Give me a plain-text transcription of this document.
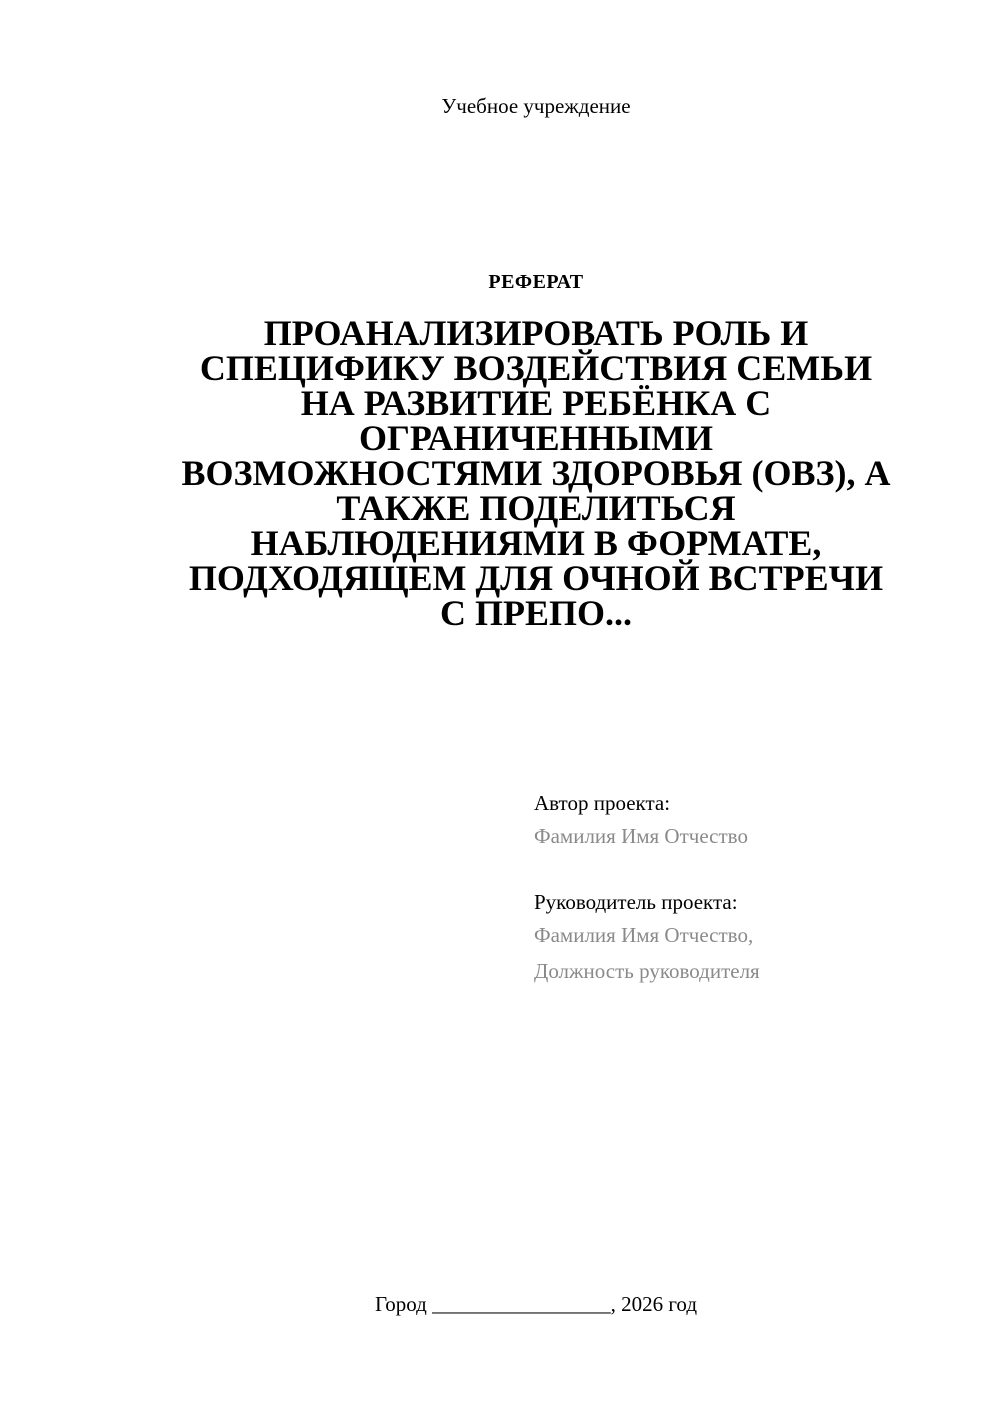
Учебное учреждение
РЕФЕРАТ
ПРОАНАЛИЗИРОВАТЬ РОЛЬ И
СПЕЦИФИКУ ВОЗДЕЙСТВИЯ СЕМЬИ
НА РАЗВИТИЕ РЕБЁНКА С
ОГРАНИЧЕННЫМИ
ВОЗМОЖНОСТЯМИ ЗДОРОВЬЯ (ОВЗ), А
ТАКЖЕ ПОДЕЛИТЬСЯ
НАБЛЮДЕНИЯМИ В ФОРМАТЕ,
ПОДХОДЯЩЕМ ДЛЯ ОЧНОЙ ВСТРЕЧИ
С ПРЕПО...
Автор проекта:
Фамилия Имя Отчество
Руководитель проекта:
Фамилия Имя Отчество,
Должность руководителя
Город _________________, 2026 год
